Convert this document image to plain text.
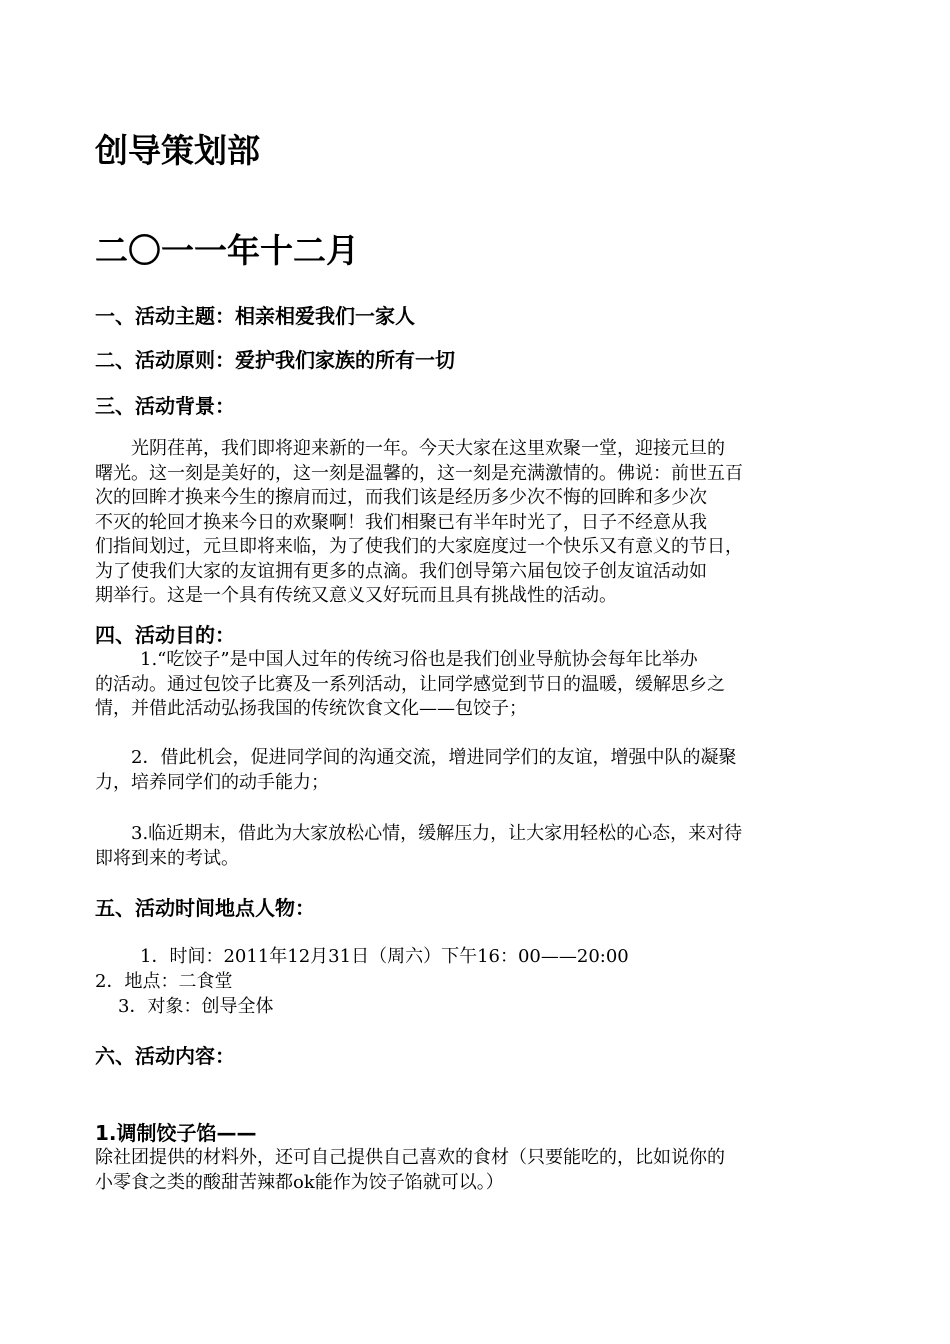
创导策划部
二〇一一年十二月
一、活动主题：相亲相爱我们一家人
二、活动原则：爱护我们家族的所有一切
三、活动背景：
　　光阴荏苒，我们即将迎来新的一年。今天大家在这里欢聚一堂，迎接元旦的
曙光。这一刻是美好的，这一刻是温馨的，这一刻是充满激情的。佛说：前世五百
次的回眸才换来今生的擦肩而过，而我们该是经历多少次不悔的回眸和多少次
不灭的轮回才换来今日的欢聚啊！我们相聚已有半年时光了，日子不经意从我
们指间划过，元旦即将来临，为了使我们的大家庭度过一个快乐又有意义的节日，
为了使我们大家的友谊拥有更多的点滴。我们创导第六届包饺子创友谊活动如
期举行。这是一个具有传统又意义又好玩而且具有挑战性的活动。
四、活动目的：
1.“吃饺子”是中国人过年的传统习俗也是我们创业导航协会每年比举办
的活动。通过包饺子比赛及一系列活动，让同学感觉到节日的温暖，缓解思乡之
情，并借此活动弘扬我国的传统饮食文化——包饺子；
2．借此机会，促进同学间的沟通交流，增进同学们的友谊，增强中队的凝聚
力，培养同学们的动手能力；
3.临近期末，借此为大家放松心情，缓解压力，让大家用轻松的心态，来对待
即将到来的考试。
五、活动时间地点人物：

1．时间：2011年12月31日（周六）下午16：00——20:00

2．地点：二食堂

3．对象：创导全体

六、活动内容：
1.调制饺子馅——
除社团提供的材料外，还可自己提供自己喜欢的食材（只要能吃的，比如说你的
小零食之类的酸甜苦辣都ok能作为饺子馅就可以。）
